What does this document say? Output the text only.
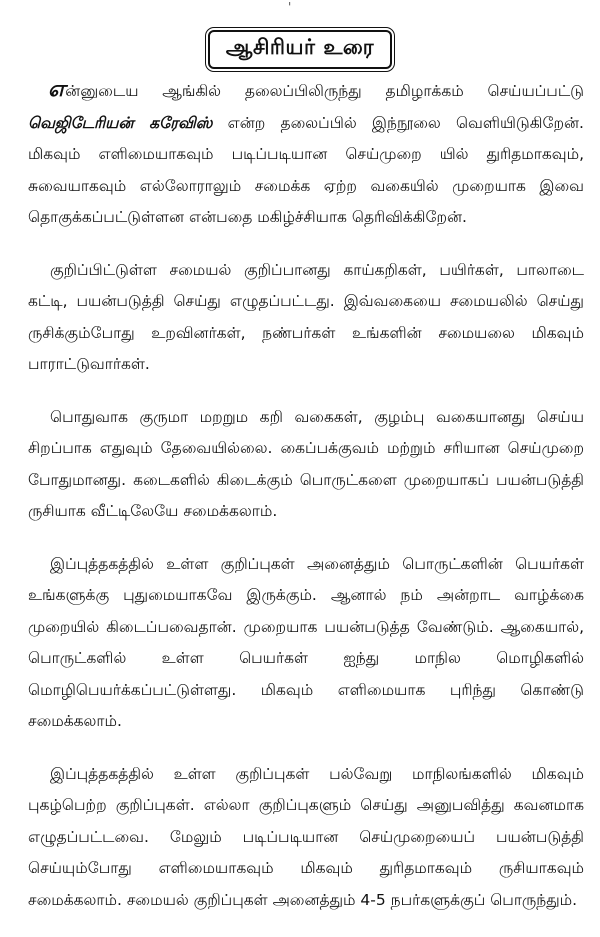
'
ஆசிரியர் உரை

என்னுடைய ஆங்கில் தலைப்பிலிருந்து தமிழாக்கம் செய்யப்பட்டு வெஜிடேரியன் கரேவிஸ் என்ற தலைப்பில் இந்நூலை வெளியிடுகிறேன். மிகவும் எளிமையாகவும் படிப்படியான செய்முறை யில் துரிதமாகவும், சுவையாகவும் எல்லோராலும் சமைக்க ஏற்ற வகையில் முறையாக இவை தொகுக்கப்பட்டுள்ளன என்பதை மகிழ்ச்சியாக தெரிவிக்கிறேன்.

குறிப்பிட்டுள்ள சமையல் குறிப்பானது காய்கறிகள், பயிர்கள், பாலாடை கட்டி, பயன்படுத்தி செய்து எழுதப்பட்டது. இவ்வகையை சமையலில் செய்து ருசிக்கும்போது உறவினர்கள், நண்பர்கள் உங்களின் சமையலை மிகவும் பாராட்டுவார்கள்.

பொதுவாக குருமா மறறும கறி வகைகள், குழம்பு வகையானது செய்ய சிறப்பாக எதுவும் தேவையில்லை. கைப்பக்குவம் மற்றும் சரியான செய்முறை போதுமானது. கடைகளில் கிடைக்கும் பொருட்களை முறையாகப் பயன்படுத்தி ருசியாக வீட்டிலேயே சமைக்கலாம்.

இப்புத்தகத்தில் உள்ள குறிப்புகள் அனைத்தும் பொருட்களின் பெயர்கள் உங்களுக்கு புதுமையாகவே இருக்கும். ஆனால் நம் அன்றாட வாழ்க்கை முறையில் கிடைப்பவைதான். முறையாக பயன்படுத்த வேண்டும். ஆகையால், பொருட்களில் உள்ள பெயர்கள் ஐந்து மாநில மொழிகளில் மொழிபெயர்க்கப்பட்டுள்ளது. மிகவும் எளிமையாக புரிந்து கொண்டு சமைக்கலாம்.

இப்புத்தகத்தில் உள்ள குறிப்புகள் பல்வேறு மாநிலங்களில் மிகவும் புகழ்பெற்ற குறிப்புகள். எல்லா குறிப்புகளும் செய்து அனுபவித்து கவனமாக எழுதப்பட்டவை. மேலும் படிப்படியான செய்முறையைப் பயன்படுத்தி செய்யும்போது எளிமையாகவும் மிகவும் துரிதமாகவும் ருசியாகவும் சமைக்கலாம். சமையல் குறிப்புகள் அனைத்தும் 4-5 நபர்களுக்குப் பொருந்தும்.
